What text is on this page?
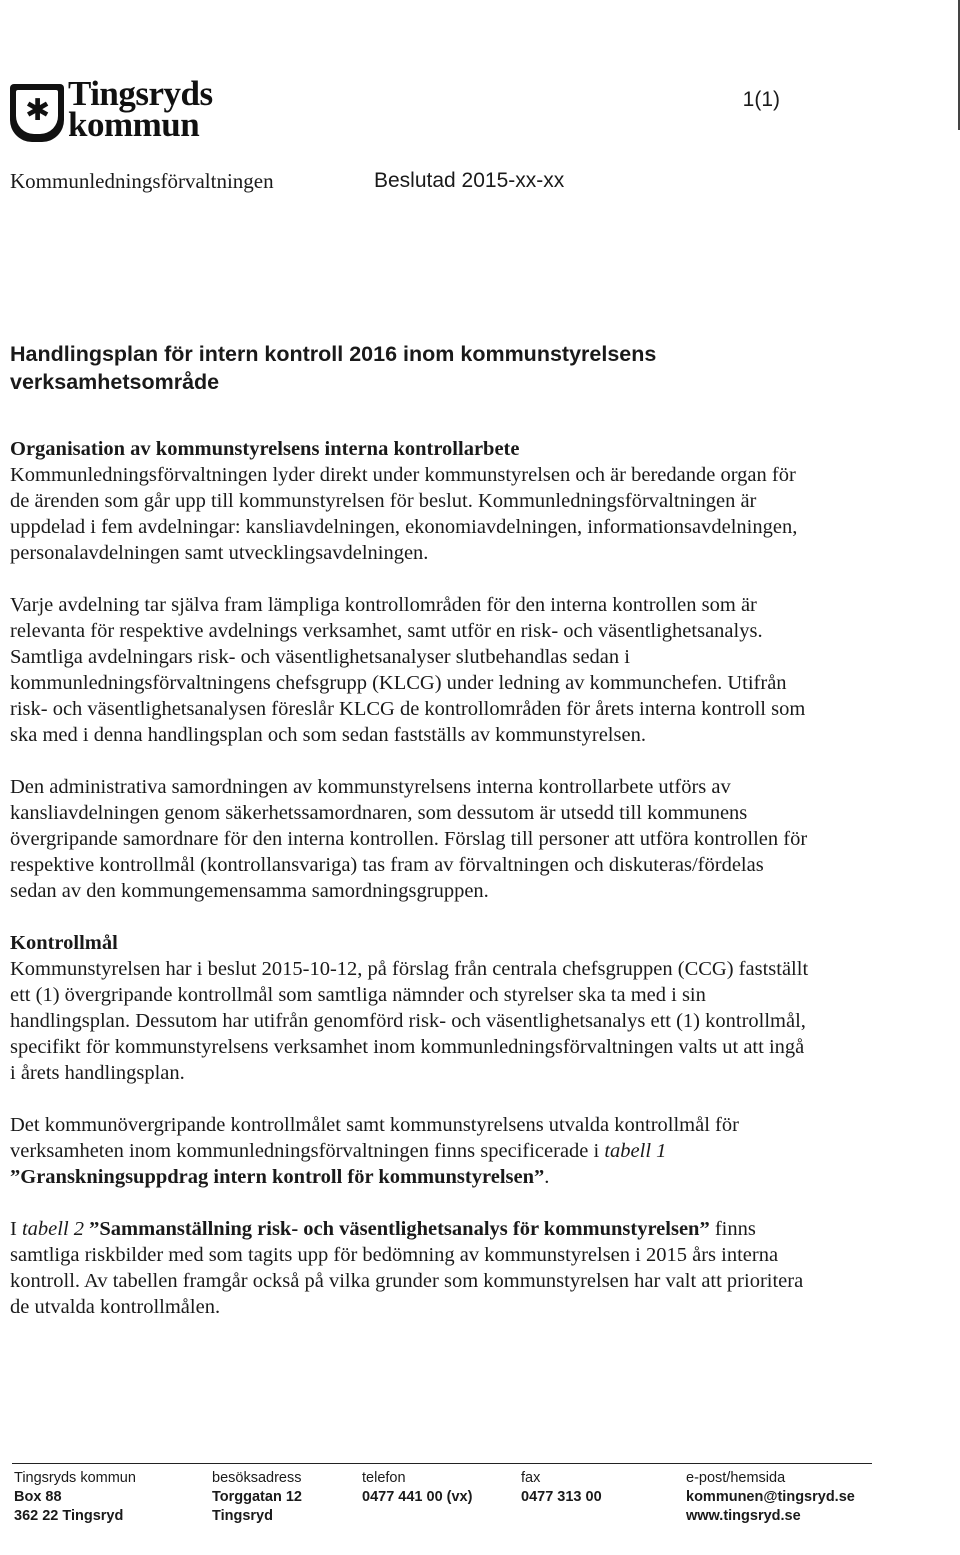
✱ Tingsryds
kommun
1(1)
Kommunledningsförvaltningen	Beslutad 2015-xx-xx
Handlingsplan för intern kontroll 2016 inom kommunstyrelsens verksamhetsområde
Organisation av kommunstyrelsens interna kontrollarbete

Kommunledningsförvaltningen lyder direkt under kommunstyrelsen och är beredande organ för de ärenden som går upp till kommunstyrelsen för beslut. Kommunledningsförvaltningen är uppdelad i fem avdelningar: kansliavdelningen, ekonomiavdelningen, informationsavdelningen, personalavdelningen samt utvecklingsavdelningen.

Varje avdelning tar själva fram lämpliga kontrollområden för den interna kontrollen som är relevanta för respektive avdelnings verksamhet, samt utför en risk- och väsentlighetsanalys. Samtliga avdelningars risk- och väsentlighetsanalyser slutbehandlas sedan i kommunledningsförvaltningens chefsgrupp (KLCG) under ledning av kommunchefen. Utifrån risk- och väsentlighetsanalysen föreslår KLCG de kontrollområden för årets interna kontroll som ska med i denna handlingsplan och som sedan fastställs av kommunstyrelsen.

Den administrativa samordningen av kommunstyrelsens interna kontrollarbete utförs av kansliavdelningen genom säkerhetssamordnaren, som dessutom är utsedd till kommunens övergripande samordnare för den interna kontrollen. Förslag till personer att utföra kontrollen för respektive kontrollmål (kontrollansvariga) tas fram av förvaltningen och diskuteras/fördelas sedan av den kommungemensamma samordningsgruppen.

Kontrollmål

Kommunstyrelsen har i beslut 2015-10-12, på förslag från centrala chefsgruppen (CCG) fastställt ett (1) övergripande kontrollmål som samtliga nämnder och styrelser ska ta med i sin handlingsplan. Dessutom har utifrån genomförd risk- och väsentlighetsanalys ett (1) kontrollmål, specifikt för kommunstyrelsens verksamhet inom kommunledningsförvaltningen valts ut att ingå i årets handlingsplan.

Det kommunövergripande kontrollmålet samt kommunstyrelsens utvalda kontrollmål för verksamheten inom kommunledningsförvaltningen finns specificerade i tabell 1 ”Granskningsuppdrag intern kontroll för kommunstyrelsen”.

I tabell 2 ”Sammanställning risk- och väsentlighetsanalys för kommunstyrelsen” finns samtliga riskbilder med som tagits upp för bedömning av kommunstyrelsen i 2015 års interna kontroll. Av tabellen framgår också på vilka grunder som kommunstyrelsen har valt att prioritera de utvalda kontrollmålen.

Tingsryds kommun
Box 88
362 22 Tingsryd
besöksadress
Torggatan 12
Tingsryd
telefon
0477 441 00 (vx)
fax
0477 313 00
e-post/hemsida
kommunen@tingsryd.se
www.tingsryd.se
